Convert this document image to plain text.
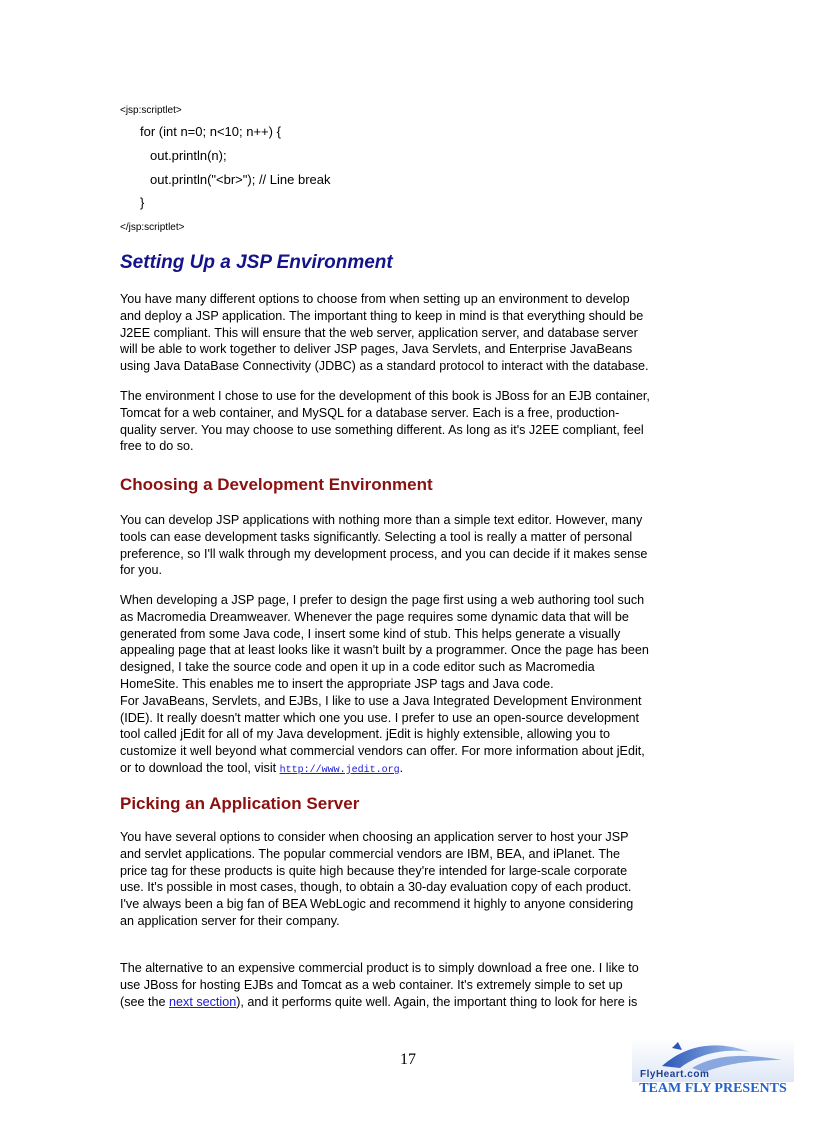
<jsp:scriptlet>
for (int n=0; n<10; n++) {
out.println(n);
out.println("<br>"); // Line break
}
</jsp:scriptlet>
Setting Up a JSP Environment

You have many different options to choose from when setting up an environment to develop
and deploy a JSP application. The important thing to keep in mind is that everything should be
J2EE compliant. This will ensure that the web server, application server, and database server
will be able to work together to deliver JSP pages, Java Servlets, and Enterprise JavaBeans
using Java DataBase Connectivity (JDBC) as a standard protocol to interact with the database.

The environment I chose to use for the development of this book is JBoss for an EJB container,
Tomcat for a web container, and MySQL for a database server. Each is a free, production-
quality server. You may choose to use something different. As long as it's J2EE compliant, feel
free to do so.

Choosing a Development Environment

You can develop JSP applications with nothing more than a simple text editor. However, many
tools can ease development tasks significantly. Selecting a tool is really a matter of personal
preference, so I'll walk through my development process, and you can decide if it makes sense
for you.

When developing a JSP page, I prefer to design the page first using a web authoring tool such
as Macromedia Dreamweaver. Whenever the page requires some dynamic data that will be
generated from some Java code, I insert some kind of stub. This helps generate a visually
appealing page that at least looks like it wasn't built by a programmer. Once the page has been
designed, I take the source code and open it up in a code editor such as Macromedia
HomeSite. This enables me to insert the appropriate JSP tags and Java code.
For JavaBeans, Servlets, and EJBs, I like to use a Java Integrated Development Environment
(IDE). It really doesn't matter which one you use. I prefer to use an open-source development
tool called jEdit for all of my Java development. jEdit is highly extensible, allowing you to
customize it well beyond what commercial vendors can offer. For more information about jEdit,
or to download the tool, visit http://www.jedit.org.

Picking an Application Server

You have several options to consider when choosing an application server to host your JSP
and servlet applications. The popular commercial vendors are IBM, BEA, and iPlanet. The
price tag for these products is quite high because they're intended for large-scale corporate
use. It's possible in most cases, though, to obtain a 30-day evaluation copy of each product.
I've always been a big fan of BEA WebLogic and recommend it highly to anyone considering
an application server for their company.

The alternative to an expensive commercial product is to simply download a free one. I like to
use JBoss for hosting EJBs and Tomcat as a web container. It's extremely simple to set up
(see the next section), and it performs quite well. Again, the important thing to look for here is

17
FlyHeart.com
TEAM FLY PRESENTS
